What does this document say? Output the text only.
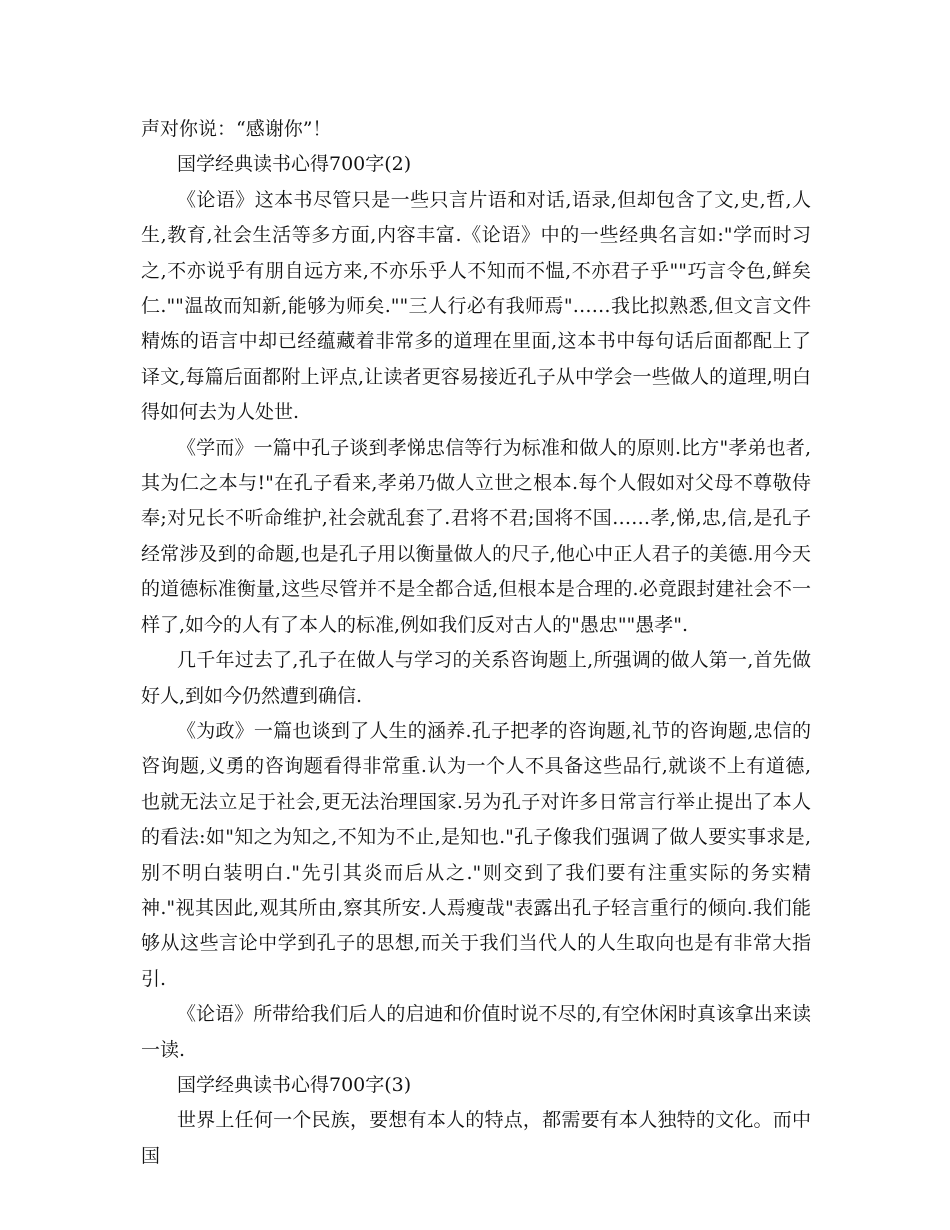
声对你说：“感谢你”！

国学经典读书心得700字(2)

《论语》这本书尽管只是一些只言片语和对话,语录,但却包含了文,史,哲,人生,教育,社会生活等多方面,内容丰富.《论语》中的一些经典名言如:"学而时习之,不亦说乎有朋自远方来,不亦乐乎人不知而不愠,不亦君子乎""巧言令色,鲜矣仁.""温故而知新,能够为师矣.""三人行必有我师焉"……我比拟熟悉,但文言文件精炼的语言中却已经蕴藏着非常多的道理在里面,这本书中每句话后面都配上了译文,每篇后面都附上评点,让读者更容易接近孔子从中学会一些做人的道理,明白得如何去为人处世.

《学而》一篇中孔子谈到孝悌忠信等行为标准和做人的原则.比方"孝弟也者,其为仁之本与!"在孔子看来,孝弟乃做人立世之根本.每个人假如对父母不尊敬侍奉;对兄长不听命维护,社会就乱套了.君将不君;国将不国……孝,悌,忠,信,是孔子经常涉及到的命题,也是孔子用以衡量做人的尺子,他心中正人君子的美德.用今天的道德标准衡量,这些尽管并不是全都合适,但根本是合理的.必竟跟封建社会不一样了,如今的人有了本人的标准,例如我们反对古人的"愚忠""愚孝".

几千年过去了,孔子在做人与学习的关系咨询题上,所强调的做人第一,首先做好人,到如今仍然遭到确信.

《为政》一篇也谈到了人生的涵养.孔子把孝的咨询题,礼节的咨询题,忠信的咨询题,义勇的咨询题看得非常重.认为一个人不具备这些品行,就谈不上有道德,也就无法立足于社会,更无法治理国家.另为孔子对许多日常言行举止提出了本人的看法:如"知之为知之,不知为不止,是知也."孔子像我们强调了做人要实事求是,别不明白装明白."先引其炎而后从之."则交到了我们要有注重实际的务实精神."视其因此,观其所由,察其所安.人焉瘦哉"表露出孔子轻言重行的倾向.我们能够从这些言论中学到孔子的思想,而关于我们当代人的人生取向也是有非常大指引.

《论语》所带给我们后人的启迪和价值时说不尽的,有空休闲时真该拿出来读一读.

国学经典读书心得700字(3)

世界上任何一个民族，要想有本人的特点，都需要有本人独特的文化。而中国
